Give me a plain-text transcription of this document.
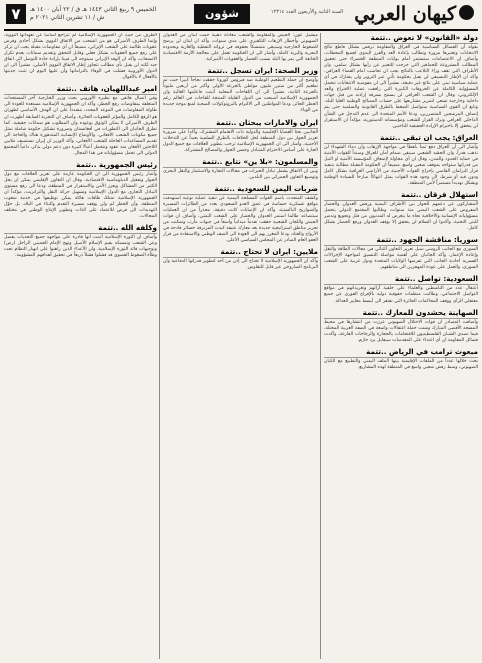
٧	الخميس ٩ ربيع الثاني ١٤٤٣ هـ ق / ٢٢ آبان ١٤٠٠ هـ ش / ١١ تشرين الثاني ٢٠٢١ م	شؤون	السنة الثانية والأربعون العدد ١٢٣١٤ كيهان العربي
دولة «القانون» لا تعوض ..تتمة

بقوله أن الفصائل السياسية في العراق والمقاومة ترفض بشكل قاطع نتائج الانتخابات وتعتبرها مزورة وتطالب بإعادة العد والفرز اليدوي لجميع المحطات، وأضاف ان الاعتصامات ستستمر أمام بوابات المنطقة الخضراء حتى تحقيق المطالب المشروعة للجماهير التي خرجت للتعبير عن رأيها بشكل سلمي، وان الأطراف التي تقف وراء التلاعب بالنتائج يجب ان تحاسب امام القضاء العراقي. وأكد ان الإطار التنسيقي لن يقبل بحكومة تأتي عبر التزوير ولن يشارك في أي عملية سياسية تبنى على نتائج غير دقيقة، مشيراً الى ان مفوضية الانتخابات تتحمل المسؤولية الكاملة عن الخروقات الكبيرة التي رافقت عملية الاقتراع والعد الإلكتروني، وقال ان الشعب العراقي لن يسمح بسرقة إرادته من قبل جهات داخلية وخارجية تسعى لتمرير مشاريعها على حساب المصالح الوطنية العليا للبلد. وتابع ان القوى السياسية ستواصل الضغط بالطرق القانونية والسلمية حتى يتم إنصاف المرشحين المتضررين، ودعا الأمم المتحدة الى عدم التدخل في الشأن الداخلي العراقي وترك القرار للشعب ومؤسساته الدستورية، مؤكداً ان الاستقرار لن يتحقق إلا باحترام الإرادة الحقيقية للناخبين.

العراق: يجب ان تبقى ..تتمة

وأشار الى أن العراق دفع ثمناً باهظاً في مواجهة الإرهاب وان دماء الشهداء لن تذهب هدراً، وان الحشد الشعبي سيبقى صمام أمان للعراق وسنداً للقوات الأمنية في حماية الحدود والمدن، وقال ان أي محاولة لإضعاف المؤسسة الأمنية او النيل من قدراتها ستواجه بموقف شعبي واسع، مضيفاً ان الحكومة المقبلة مطالبة بتنفيذ قرار البرلمان القاضي بإخراج القوات الأجنبية من الأراضي العراقية بشكل كامل ودون قيد أو شرط، لأن وجود هذه القوات يمثل انتهاكاً صارخاً للسيادة الوطنية ويشكل تهديداً مستمراً لأمن المنطقة.

استهلال فرقان ..تتمة

المشاركون عن دعمهم للحوار بين الأطراف اليمنية ورفض العدوان والحصار المفروض على الشعب اليمني منذ سنوات، وطالبوا المجتمع الدولي بتحمل مسؤولياته الإنسانية والأخلاقية تجاه ما يتعرض له المدنيون من قتل وتجويع وتدمير للبنى التحتية، وأكدوا ان السلام لن يتحقق إلا بوقف العدوان ورفع الحصار بشكل كامل.

سوريا: مناقشة الجهود ..تتمة

السوري مع الجانب الروسي سبل تعزيز التعاون الثنائي في مجالات الطاقة والنقل وإعادة الإعمار، وأكد الجانبان على أهمية مواصلة التنسيق لمواجهة الإجراءات القسرية أحادية الجانب التي تفرضها الولايات المتحدة ودول غربية على الشعب السوري، والعمل على عودة المهجرين الى مناطقهم.

السعودية: تواصل ..تتمة

اعتقال عدد من الناشطين والعلماء على خلفية آرائهم وتغريداتهم في مواقع التواصل الاجتماعي، وطالبت منظمات حقوقية دولية بالإفراج الفوري عن جميع معتقلي الرأي ووقف المحاكمات الجائرة التي تفتقر الى أبسط معايير العدالة.

الصهاينة يحشدون للمعارك ..تتمة

وأضافت المصادر ان قوات الاحتلال الصهيوني عززت من انتشارها في محيط المسجد الأقصى المبارك وشنت حملة اعتقالات واسعة في الضفة الغربية المحتلة، فيما تصدى الشبان الفلسطينيون للاقتحامات بالحجارة والزجاجات الفارغة، وأكدت فصائل المقاومة ان أي اعتداء على المقدسات سيقابل برد حازم.

مبعوث ترامب في الرياض ..تتمة

بحث خلالها عدداً من الملفات الإقليمية بينها الملف اليمني والتطبيع مع الكيان الصهيوني، وسط رفض شعبي واسع في المنطقة لهذه المشاريع.

ميشيل عون: الجيش والمقاومة والشعب معادلة ذهبية حمت لبنان من العدوان الصهيوني وأخطار الإرهاب التكفيري على مدى سنوات، وأكد ان لبنان لن يرضخ للضغوط الخارجية وسيبقى متمسكاً بحقوقه في ثرواته النفطية والغازية وبحدوده البحرية والبرية كاملة، وأشار الى ان الحكومة تعمل على معالجة الأزمة الاقتصادية الخانقة التي يمر بها البلد بسبب الحصار والعقوبات الأميركية.

وزير الصحة: ايران تسجل ..تتمة

وأوضح ان حملة التطعيم الوطنية ضد فيروس كورونا حققت نجاحاً كبيراً حيث تم تطعيم أكثر من ستين مليون مواطن بالجرعة الأولى وأكثر من أربعين مليوناً بالجرعة الثانية، مشيراً الى ان اللقاحات المحلية أثبتت فاعليتها العالية وان الجمهورية الإسلامية أصبحت من الدول القليلة المنتجة للقاحات في العالم رغم الحظر الجائر، ودعا المواطنين الى الالتزام بالبروتوكولات الصحية لمنع موجة جديدة من الوباء.

ايران والامارات يبحثان ..تتمة

الجانبين بحثا القضايا الإقليمية والدولية ذات الاهتمام المشترك، وأكدا على ضرورة تعزيز الحوار بين دول المنطقة لحل الخلافات بالطرق السلمية بعيداً عن التدخلات الأجنبية، وأشار الى ان الجمهورية الإسلامية ترحب بتطوير العلاقات مع جميع الدول الجارة على أساس الاحترام المتبادل وحسن الجوار والمصالح المشتركة.

والمسلمون: «بلا ين» نتابع ..تتمة

وبين ان الاتفاق يشمل تبادل الخبرات في مجالات التجارة والاستثمار والنقل البحري وتوسيع التعاون الجمركي بين البلدين.

ضربات اليمن للسعودية ..تتمة

وكشف المتحدث باسم القوات المسلحة اليمنية عن تنفيذ عملية نوعية استهدفت مواقع عسكرية حساسة في عمق العدو السعودي بعدد من الطائرات المسيرة والصواريخ البالستية، وأكد ان الإصابات كانت دقيقة، محذراً من ان العمليات ستتصاعد طالما استمر العدوان والحصار على الشعب اليمني، وأضاف ان قوات الجيش واللجان الشعبية حققت تقدماً ميدانياً واسعاً في جبهات مأرب وتمكنت من تحرير مناطق استراتيجية جديدة بعد معارك عنيفة كبدت المرتزقة خسائر فادحة في الأرواح والعتاد، ودعا المغرر بهم الى العودة الى الصف الوطني والاستفادة من قرار العفو العام الصادر عن المجلس السياسي الأعلى.

ملايين: ايران لا تحتاج ..تتمة

وأكد ان الجمهورية الإسلامية لا تحتاج الى إذن من أحد لتطوير قدراتها الدفاعية وان البرنامج الصاروخي غير قابل للتفاوض.

الطرف من حيث ان الجمهورية الإسلامية لم تتراجع اساساً عن تعهداتها النووية، وإنما الطرف الأميركي هو من انسحب من الاتفاق النووي بشكل أحادي وفرض عقوبات ظالمة على الشعب الإيراني، مضيفاً ان أي مفاوضات مقبلة يجب ان تركز على رفع جميع العقوبات بشكل فعلي وقابل للتحقق وتقديم ضمانات بعدم تكرار الانسحاب، وأكد ان الوفد الإيراني سيتوجه الى فيينا بإرادة جادة للتوصل الى اتفاق جيد لكنه لن يقبل بأي مطالب تتجاوز إطار الاتفاق النووي الأصلي، مشيراً الى ان الدول الأوروبية فشلت في الوفاء بالتزاماتها وأن عليها اليوم ان تثبت جديتها بالأفعال لا بالأقوال.

امير عبداللهيان، هاتف ..تتمة

وفي اتصال هاتفي مع نظيره الأوروبي بحث وزير الخارجية آخر المستجدات المتعلقة بمفاوضات رفع الحظر، وأكد ان الجمهورية الإسلامية مستعدة للعودة الى طاولة المفاوضات في الموعد المحدد، مشدداً على ان الهدف الأساسي لطهران هو الرفع الكامل والمؤثر للعقوبات الجائرة، وأضاف ان التجربة السابقة أظهرت ان الطرف الأميركي لا يمكن الوثوق بوعوده وان المطلوب هو ضمانات حقيقية، كما تطرق الجانبان الى التطورات في أفغانستان وضرورة تشكيل حكومة شاملة تمثل جميع مكونات الشعب الأفغاني، والأوضاع الإنسانية المتدهورة هناك والحاجة الى تقديم المساعدات العاجلة للشعب الأفغاني، وأكد الوزير ان إيران تستضيف ملايين اللاجئين الأفغان منذ عقود وتتحمل أعباءً كبيرة دون دعم دولي يذكر، داعياً المجتمع الدولي الى تحمل مسؤولياته في هذا المجال.

رئيس الجمهورية ..تتمة

وأشار رئيس الجمهورية الى ان الحكومة عازمة على تعزيز العلاقات مع دول الجوار وتفعيل الدبلوماسية الاقتصادية، وقال ان التعاون الإقليمي يمكن ان يحل الكثير من المشاكل ويعزز الأمن والاستقرار في المنطقة، ودعا الى رفع مستوى التبادل التجاري مع الدول الإسلامية وتسهيل حركة النقل والترانزيت، مؤكداً ان الجمهورية الإسلامية تمتلك طاقات هائلة يمكن توظيفها في خدمة شعوب المنطقة، وأن الحظر لم ولن يوقف مسيرة التقدم والبناء في البلاد، بل حوّل التهديدات الى فرص للاعتماد على الذات وتطوير الإنتاج الوطني في مختلف المجالات.

وكلفه الله ..تتمة

وأضاف ان الثورة الإسلامية أثبتت انها قادرة على مواجهة جميع التحديات بفضل وعي الشعب وتمسكه بقيم الإسلام الأصيل ونهج الإمام الخميني الراحل (رض) وتوجيهات قائد الثورة الإسلامية، وان الأعداء الذين راهنوا على انهيار النظام تحت وطأة الضغوط القصوى قد فشلوا فشلاً ذريعاً في تحقيق أهدافهم المشؤومة.
